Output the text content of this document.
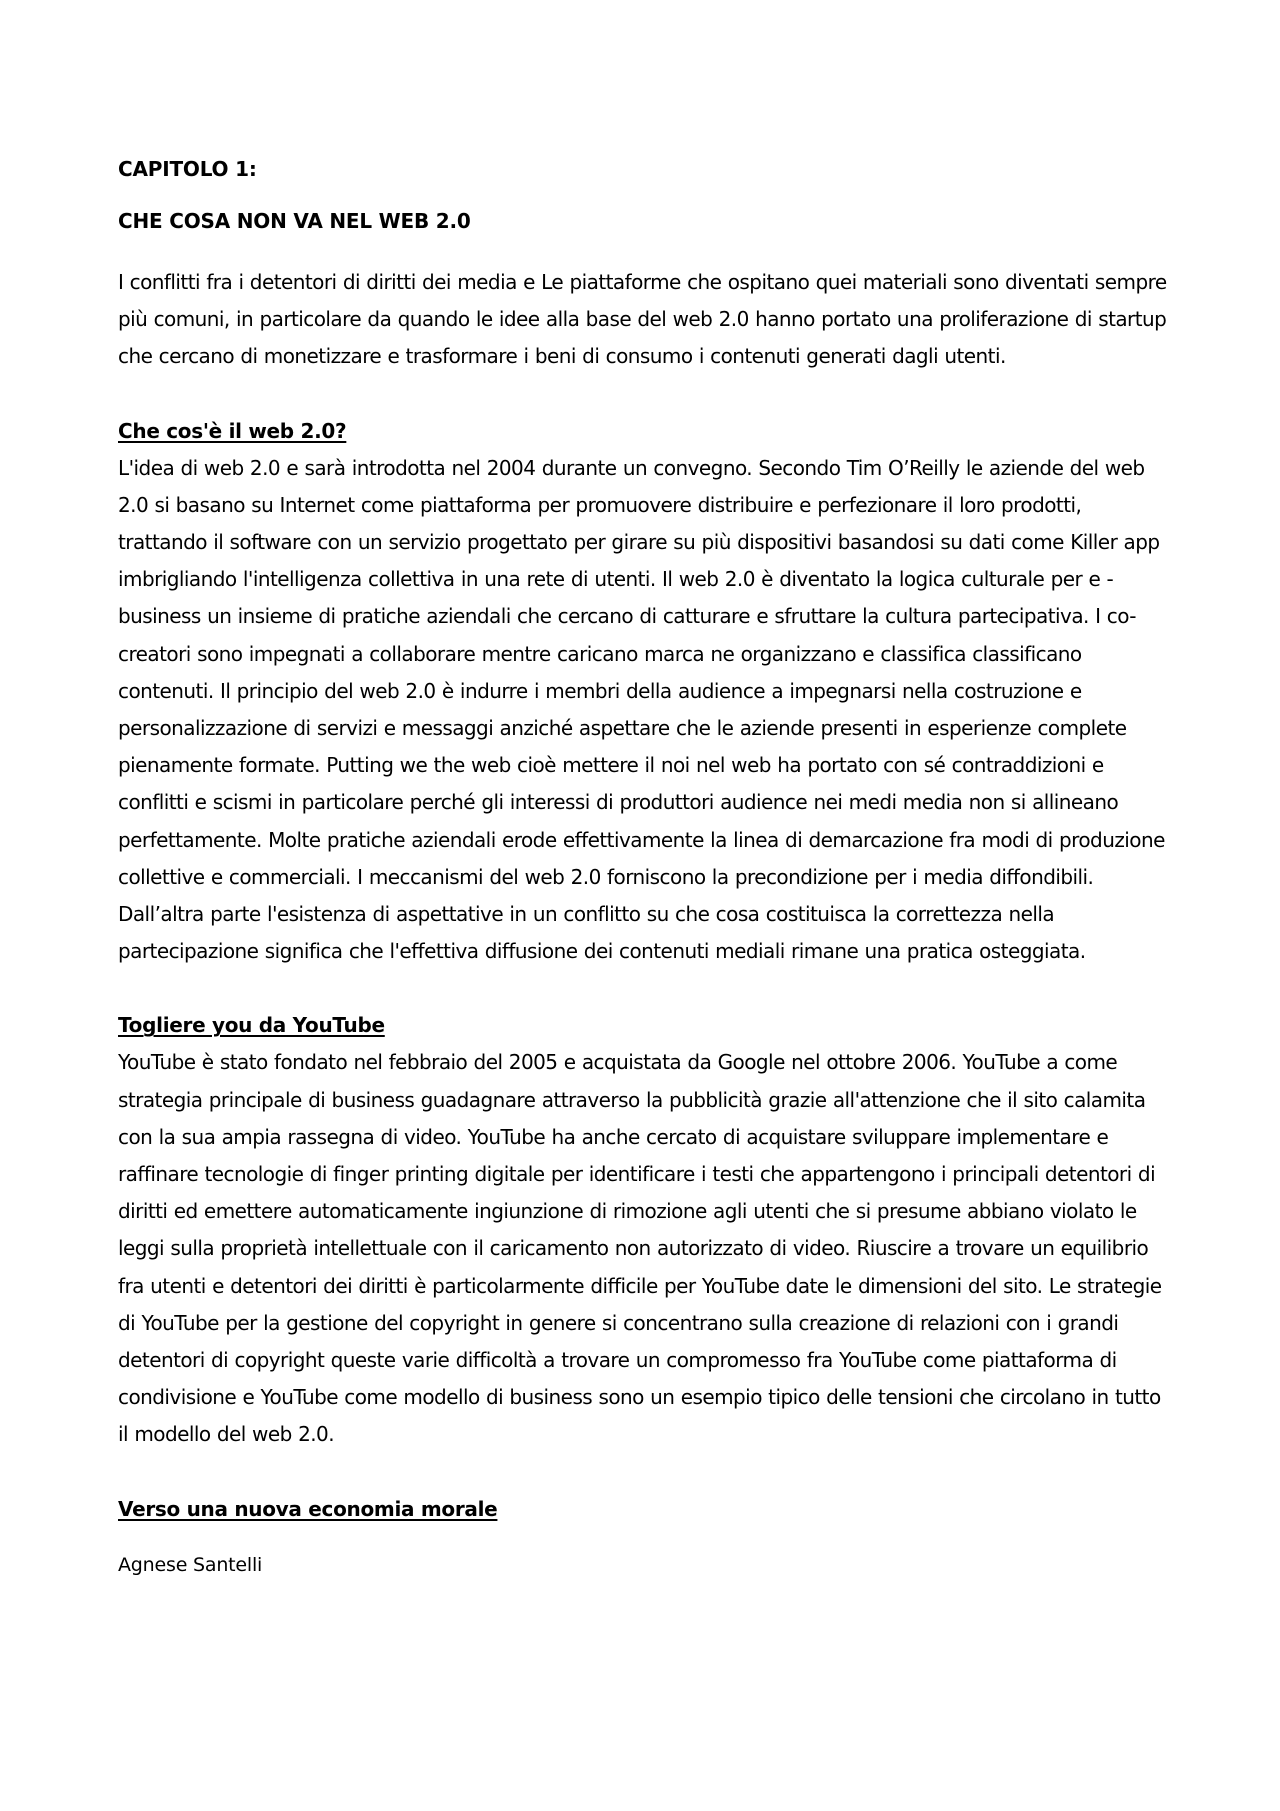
CAPITOLO 1:

CHE COSA NON VA NEL WEB 2.0

I conflitti fra i detentori di diritti dei media e Le piattaforme che ospitano quei materiali sono diventati sempre più comuni, in particolare da quando le idee alla base del web 2.0 hanno portato una proliferazione di startup che cercano di monetizzare e trasformare i beni di consumo i contenuti generati dagli utenti.

Che cos'è il web 2.0?

L'idea di web 2.0 e sarà introdotta nel 2004 durante un convegno. Secondo Tim O’Reilly le aziende del web 2.0 si basano su Internet come piattaforma per promuovere distribuire e perfezionare il loro prodotti, trattando il software con un servizio progettato per girare su più dispositivi basandosi su dati come Killer app imbrigliando l'intelligenza collettiva in una rete di utenti. Il web 2.0 è diventato la logica culturale per e - business un insieme di pratiche aziendali che cercano di catturare e sfruttare la cultura partecipativa. I co-creatori sono impegnati a collaborare mentre caricano marca ne organizzano e classifica classificano contenuti. Il principio del web 2.0 è indurre i membri della audience a impegnarsi nella costruzione e personalizzazione di servizi e messaggi anziché aspettare che le aziende presenti in esperienze complete pienamente formate. Putting we the web cioè mettere il noi nel web ha portato con sé contraddizioni e conflitti e scismi in particolare perché gli interessi di produttori audience nei medi media non si allineano perfettamente. Molte pratiche aziendali erode effettivamente la linea di demarcazione fra modi di produzione collettive e commerciali. I meccanismi del web 2.0 forniscono la precondizione per i media diffondibili. Dall’altra parte l'esistenza di aspettative in un conflitto su che cosa costituisca la correttezza nella partecipazione significa che l'effettiva diffusione dei contenuti mediali rimane una pratica osteggiata.

Togliere you da YouTube

YouTube è stato fondato nel febbraio del 2005 e acquistata da Google nel ottobre 2006. YouTube a come strategia principale di business guadagnare attraverso la pubblicità grazie all'attenzione che il sito calamita con la sua ampia rassegna di video. YouTube ha anche cercato di acquistare sviluppare implementare e raffinare tecnologie di finger printing digitale per identificare i testi che appartengono i principali detentori di diritti ed emettere automaticamente ingiunzione di rimozione agli utenti che si presume abbiano violato le leggi sulla proprietà intellettuale con il caricamento non autorizzato di video. Riuscire a trovare un equilibrio fra utenti e detentori dei diritti è particolarmente difficile per YouTube date le dimensioni del sito. Le strategie di YouTube per la gestione del copyright in genere si concentrano sulla creazione di relazioni con i grandi detentori di copyright queste varie difficoltà a trovare un compromesso fra YouTube come piattaforma di condivisione e YouTube come modello di business sono un esempio tipico delle tensioni che circolano in tutto il modello del web 2.0.

Verso una nuova economia morale

Agnese Santelli
